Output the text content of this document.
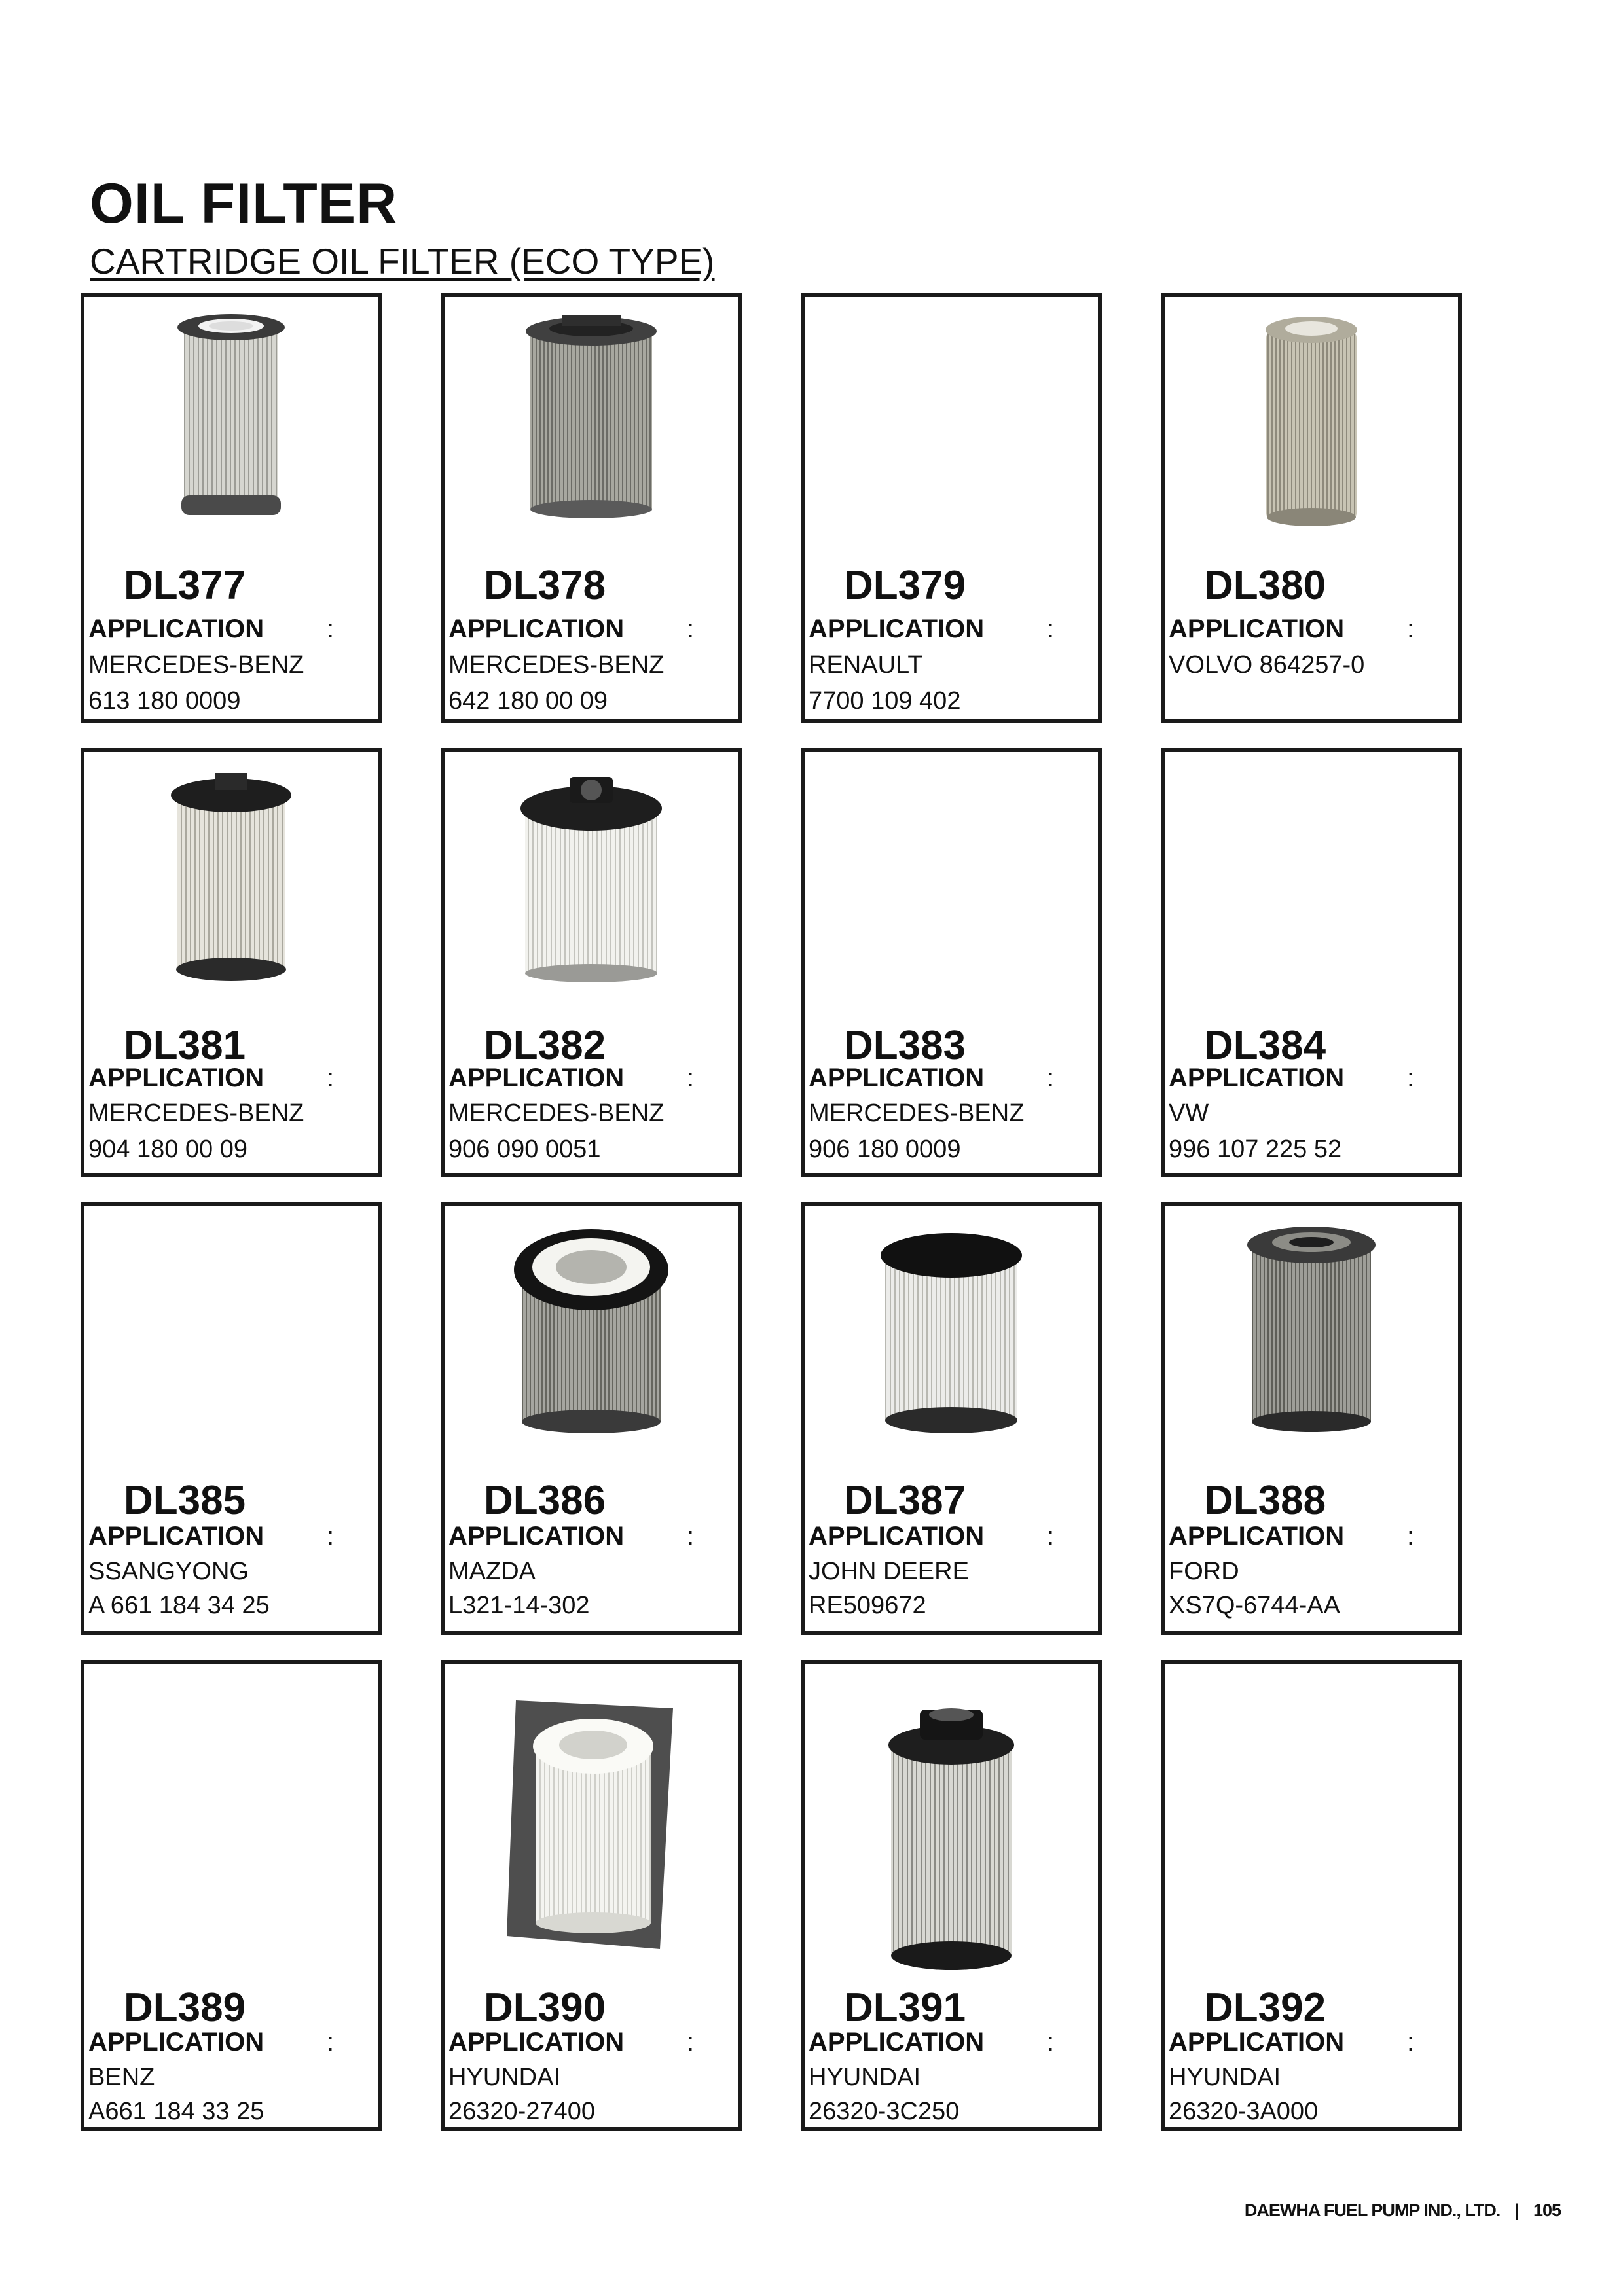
OIL FILTER
CARTRIDGE OIL FILTER (ECO TYPE)
DL377
APPLICATION :
MERCEDES-BENZ
613 180 0009
DL378
APPLICATION :
MERCEDES-BENZ
642 180 00 09
DL379
APPLICATION :
RENAULT
7700 109 402
DL380
APPLICATION :
VOLVO 864257-0
DL381
APPLICATION :
MERCEDES-BENZ
904 180 00 09
DL382
APPLICATION :
MERCEDES-BENZ
906 090 0051
DL383
APPLICATION :
MERCEDES-BENZ
906 180 0009
DL384
APPLICATION :
VW
996 107 225 52
DL385
APPLICATION :
SSANGYONG
A 661 184 34 25
DL386
APPLICATION :
MAZDA
L321-14-302
DL387
APPLICATION :
JOHN DEERE
RE509672
DL388
APPLICATION :
FORD
XS7Q-6744-AA
DL389
APPLICATION :
BENZ
A661 184 33 25
DL390
APPLICATION :
HYUNDAI
26320-27400
DL391
APPLICATION :
HYUNDAI
26320-3C250
DL392
APPLICATION :
HYUNDAI
26320-3A000
DAEWHA FUEL PUMP IND., LTD. | 105
